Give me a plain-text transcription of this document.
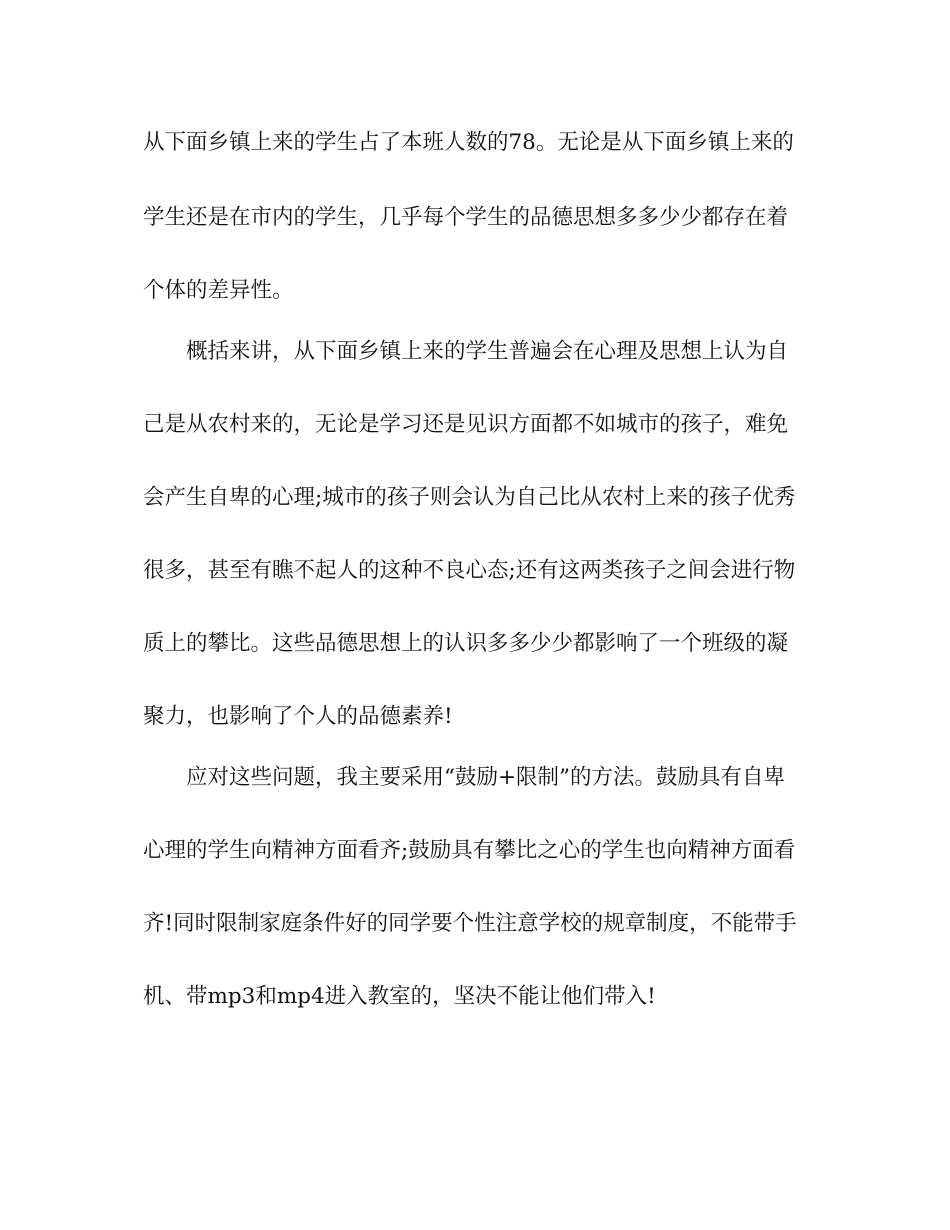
从下面乡镇上来的学生占了本班人数的78。无论是从下面乡镇上来的
学生还是在市内的学生，几乎每个学生的品德思想多多少少都存在着
个体的差异性。
概括来讲，从下面乡镇上来的学生普遍会在心理及思想上认为自
己是从农村来的，无论是学习还是见识方面都不如城市的孩子，难免
会产生自卑的心理;城市的孩子则会认为自己比从农村上来的孩子优秀
很多，甚至有瞧不起人的这种不良心态;还有这两类孩子之间会进行物
质上的攀比。这些品德思想上的认识多多少少都影响了一个班级的凝
聚力，也影响了个人的品德素养!
应对这些问题，我主要采用“鼓励+限制”的方法。鼓励具有自卑
心理的学生向精神方面看齐;鼓励具有攀比之心的学生也向精神方面看
齐!同时限制家庭条件好的同学要个性注意学校的规章制度，不能带手
机、带mp3和mp4进入教室的，坚决不能让他们带入!
